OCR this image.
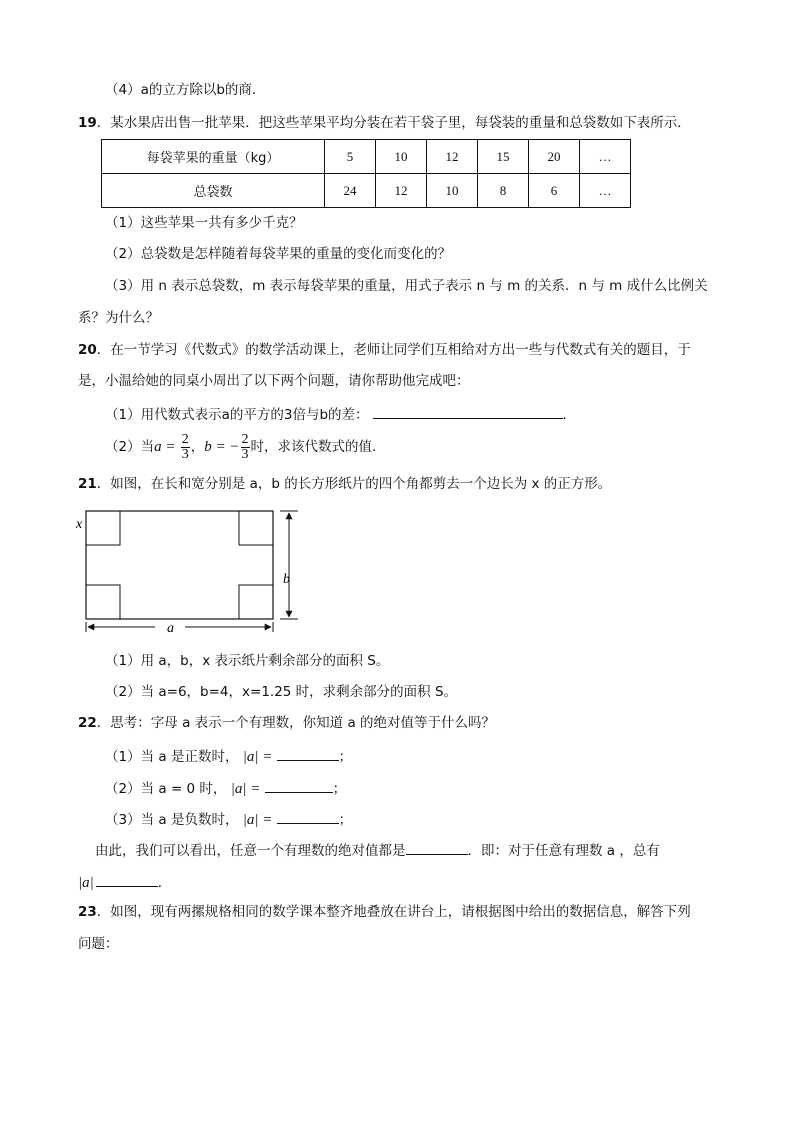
（4）a的立方除以b的商．
19．某水果店出售一批苹果．把这些苹果平均分装在若干袋子里，每袋装的重量和总袋数如下表所示．
每袋苹果的重量（kg）	5	10	12	15	20	…
总袋数	24	12	10	8	6	…
（1）这些苹果一共有多少千克？
（2）总袋数是怎样随着每袋苹果的重量的变化而变化的？
（3）用 n 表示总袋数，m 表示每袋苹果的重量，用式子表示 n 与 m 的关系．n 与 m 成什么比例关
系？为什么？
20．在一节学习《代数式》的数学活动课上，老师让同学们互相给对方出一些与代数式有关的题目，于
是，小温给她的同桌小周出了以下两个问题，请你帮助他完成吧：
（1）用代数式表示a的平方的3倍与b的差：	．
（2）当$a = \frac{2}{3}$ ，b = − $\frac{2}{3}$ 时，求该代数式的值．
21．如图，在长和宽分别是 a，b 的长方形纸片的四个角都剪去一个边长为 x 的正方形。
x
a
b
（1）用 a，b，x 表示纸片剩余部分的面积 S。
（2）当 a=6，b=4，x=1.25 时，求剩余部分的面积 S。
22．思考：字母 a 表示一个有理数，你知道 a 的绝对值等于什么吗？
（1）当 a 是正数时， |a| =	；
（2）当 a = 0 时， |a| =	；
（3）当 a 是负数时， |a| =	；
由此，我们可以看出，任意一个有理数的绝对值都是	．即：对于任意有理数 a ，总有
|a|	．
23．如图，现有两摞规格相同的数学课本整齐地叠放在讲台上，请根据图中给出的数据信息，解答下列
问题：
